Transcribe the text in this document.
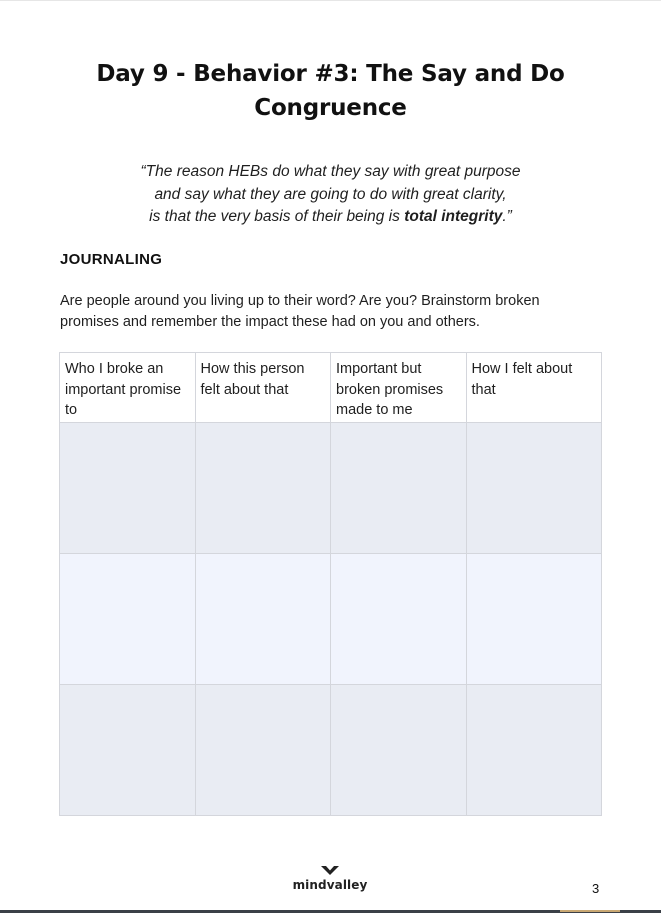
Day 9 - Behavior #3: The Say and Do
Congruence

“The reason HEBs do what they say with great purpose
and say what they are going to do with great clarity,
is that the very basis of their being is total integrity.”

JOURNALING

Are people around you living up to their word? Are you? Brainstorm broken
promises and remember the impact these had on you and others.

Who I broke an important promise to	How this person felt about that	Important but broken promises made to me	How I felt about that

mindvalley	3
